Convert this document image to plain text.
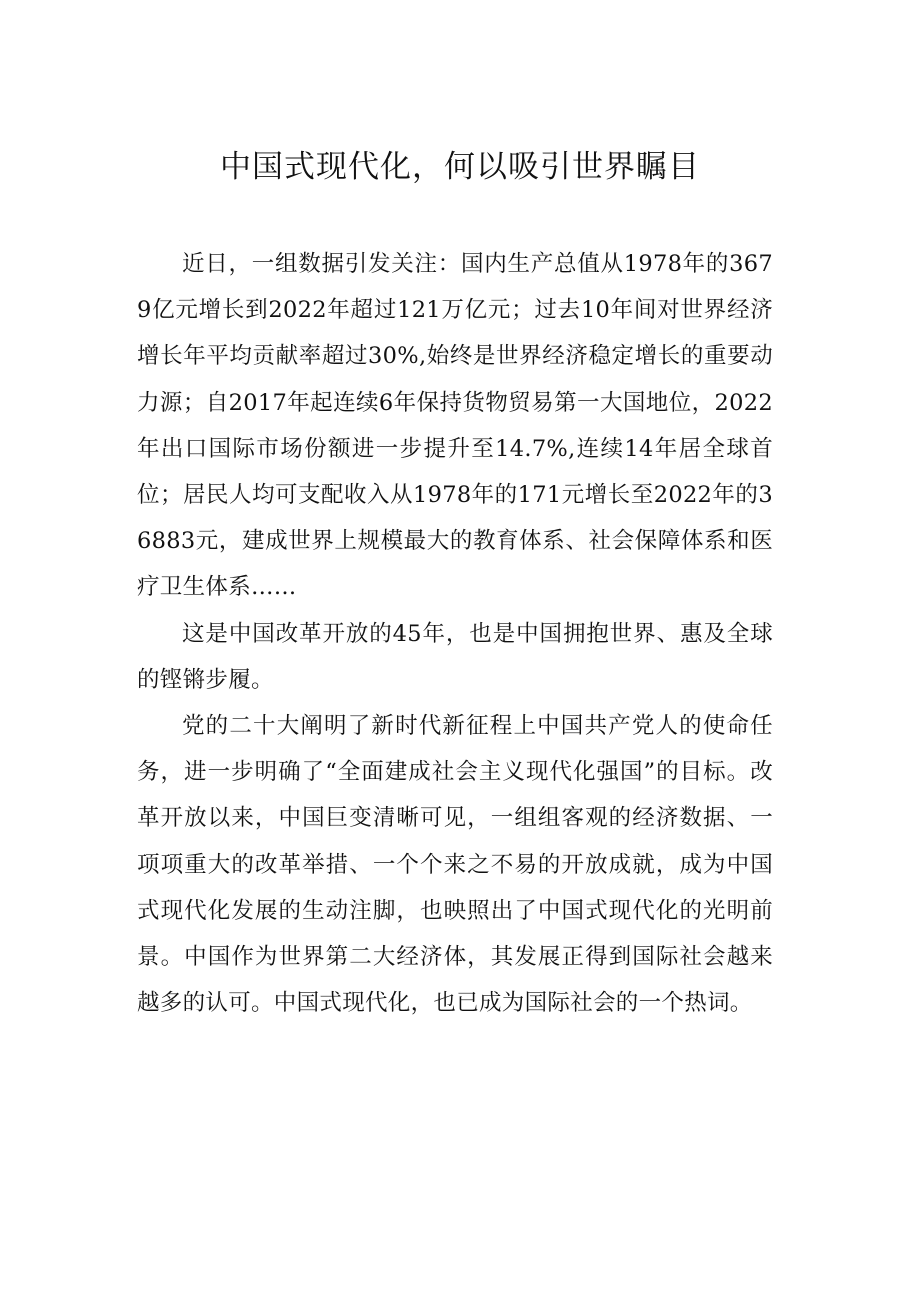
中国式现代化，何以吸引世界瞩目

近日，一组数据引发关注：国内生产总值从1978年的3679亿元增长到2022年超过121万亿元；过去10年间对世界经济增长年平均贡献率超过30%,始终是世界经济稳定增长的重要动力源；自2017年起连续6年保持货物贸易第一大国地位，2022年出口国际市场份额进一步提升至14.7%,连续14年居全球首位；居民人均可支配收入从1978年的171元增长至2022年的36883元，建成世界上规模最大的教育体系、社会保障体系和医疗卫生体系……

这是中国改革开放的45年，也是中国拥抱世界、惠及全球的铿锵步履。

党的二十大阐明了新时代新征程上中国共产党人的使命任务，进一步明确了“全面建成社会主义现代化强国”的目标。改革开放以来，中国巨变清晰可见，一组组客观的经济数据、一项项重大的改革举措、一个个来之不易的开放成就，成为中国式现代化发展的生动注脚，也映照出了中国式现代化的光明前景。中国作为世界第二大经济体，其发展正得到国际社会越来越多的认可。中国式现代化，也已成为国际社会的一个热词。
